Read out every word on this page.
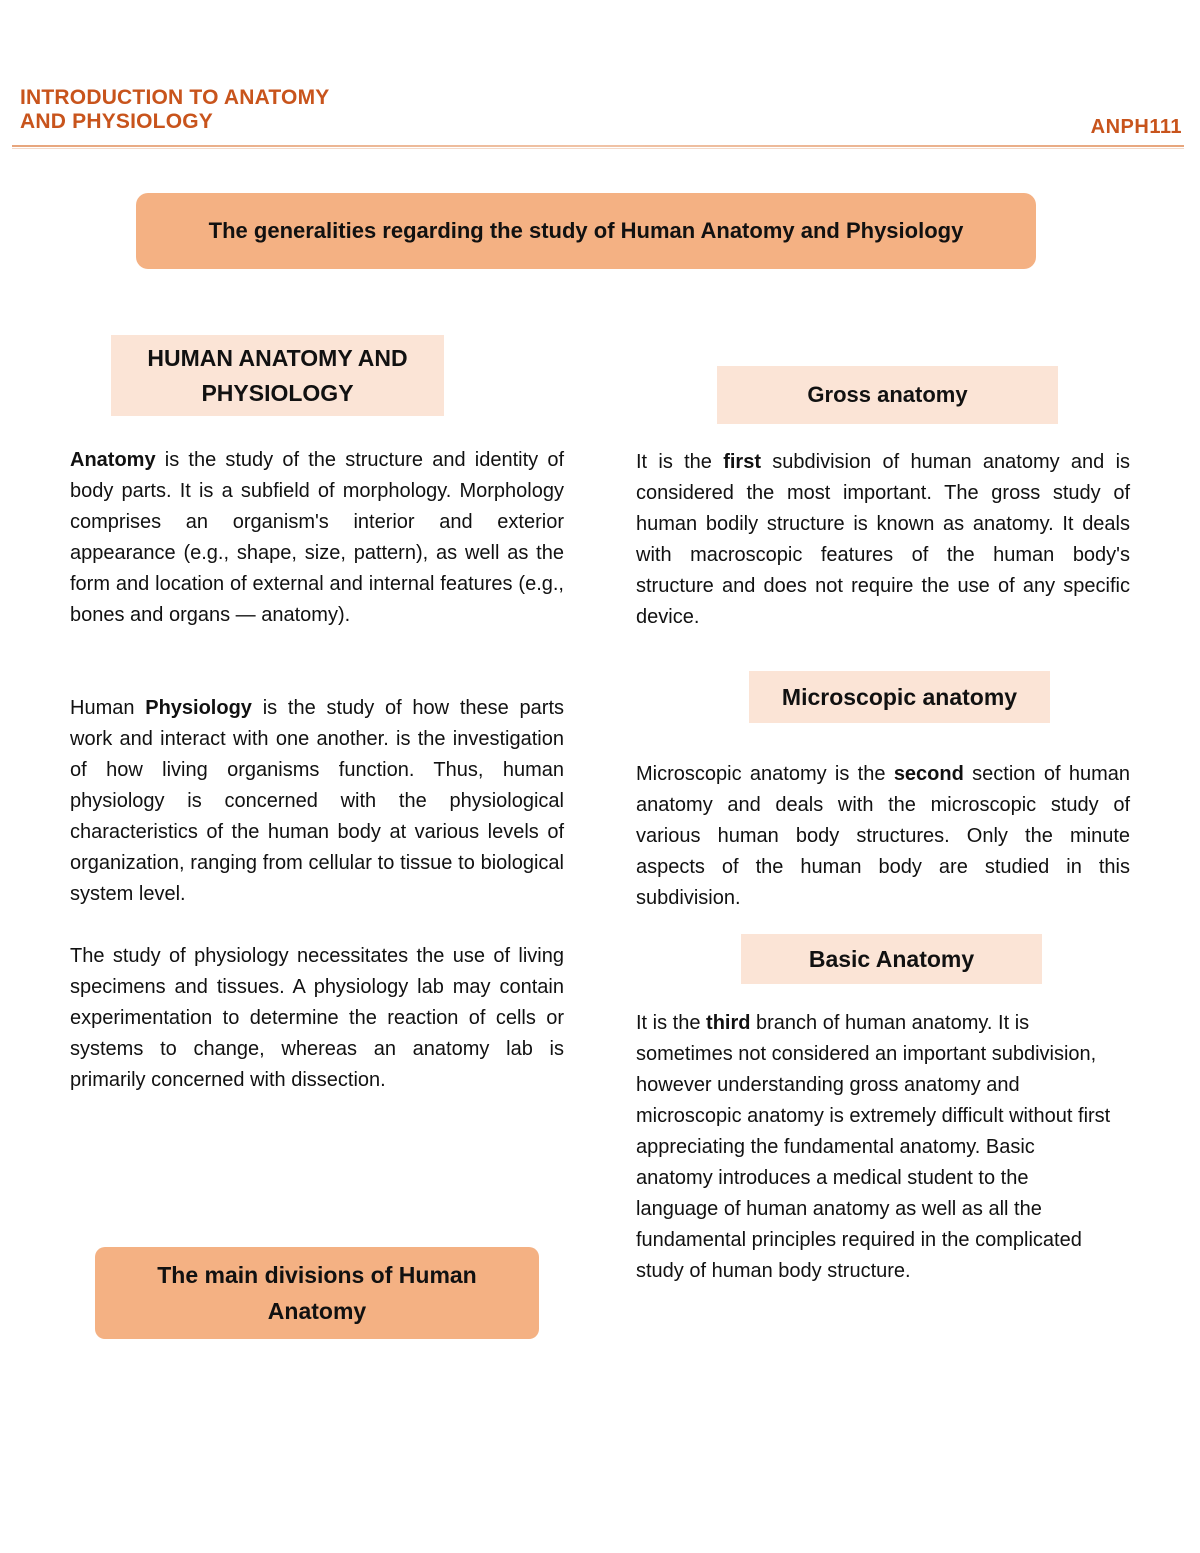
INTRODUCTION TO ANATOMY
AND PHYSIOLOGY	ANPH111
The generalities regarding the study of Human Anatomy and Physiology
HUMAN ANATOMY AND
PHYSIOLOGY

Anatomy is the study of the structure and identity of body parts. It is a subfield of morphology. Morphology comprises an organism's interior and exterior appearance (e.g., shape, size, pattern), as well as the form and location of external and internal features (e.g., bones and organs — anatomy).

Human Physiology is the study of how these parts work and interact with one another. is the investigation of how living organisms function. Thus, human physiology is concerned with the physiological characteristics of the human body at various levels of organization, ranging from cellular to tissue to biological system level.

The study of physiology necessitates the use of living specimens and tissues. A physiology lab may contain experimentation to determine the reaction of cells or systems to change, whereas an anatomy lab is primarily concerned with dissection.

The main divisions of Human
Anatomy
Gross anatomy

It is the first subdivision of human anatomy and is considered the most important. The gross study of human bodily structure is known as anatomy. It deals with macroscopic features of the human body's structure and does not require the use of any specific device.

Microscopic anatomy

Microscopic anatomy is the second section of human anatomy and deals with the microscopic study of various human body structures. Only the minute aspects of the human body are studied in this subdivision.

Basic Anatomy

It is the third branch of human anatomy. It is sometimes not considered an important subdivision, however understanding gross anatomy and microscopic anatomy is extremely difficult without first appreciating the fundamental anatomy. Basic anatomy introduces a medical student to the language of human anatomy as well as all the fundamental principles required in the complicated study of human body structure.
